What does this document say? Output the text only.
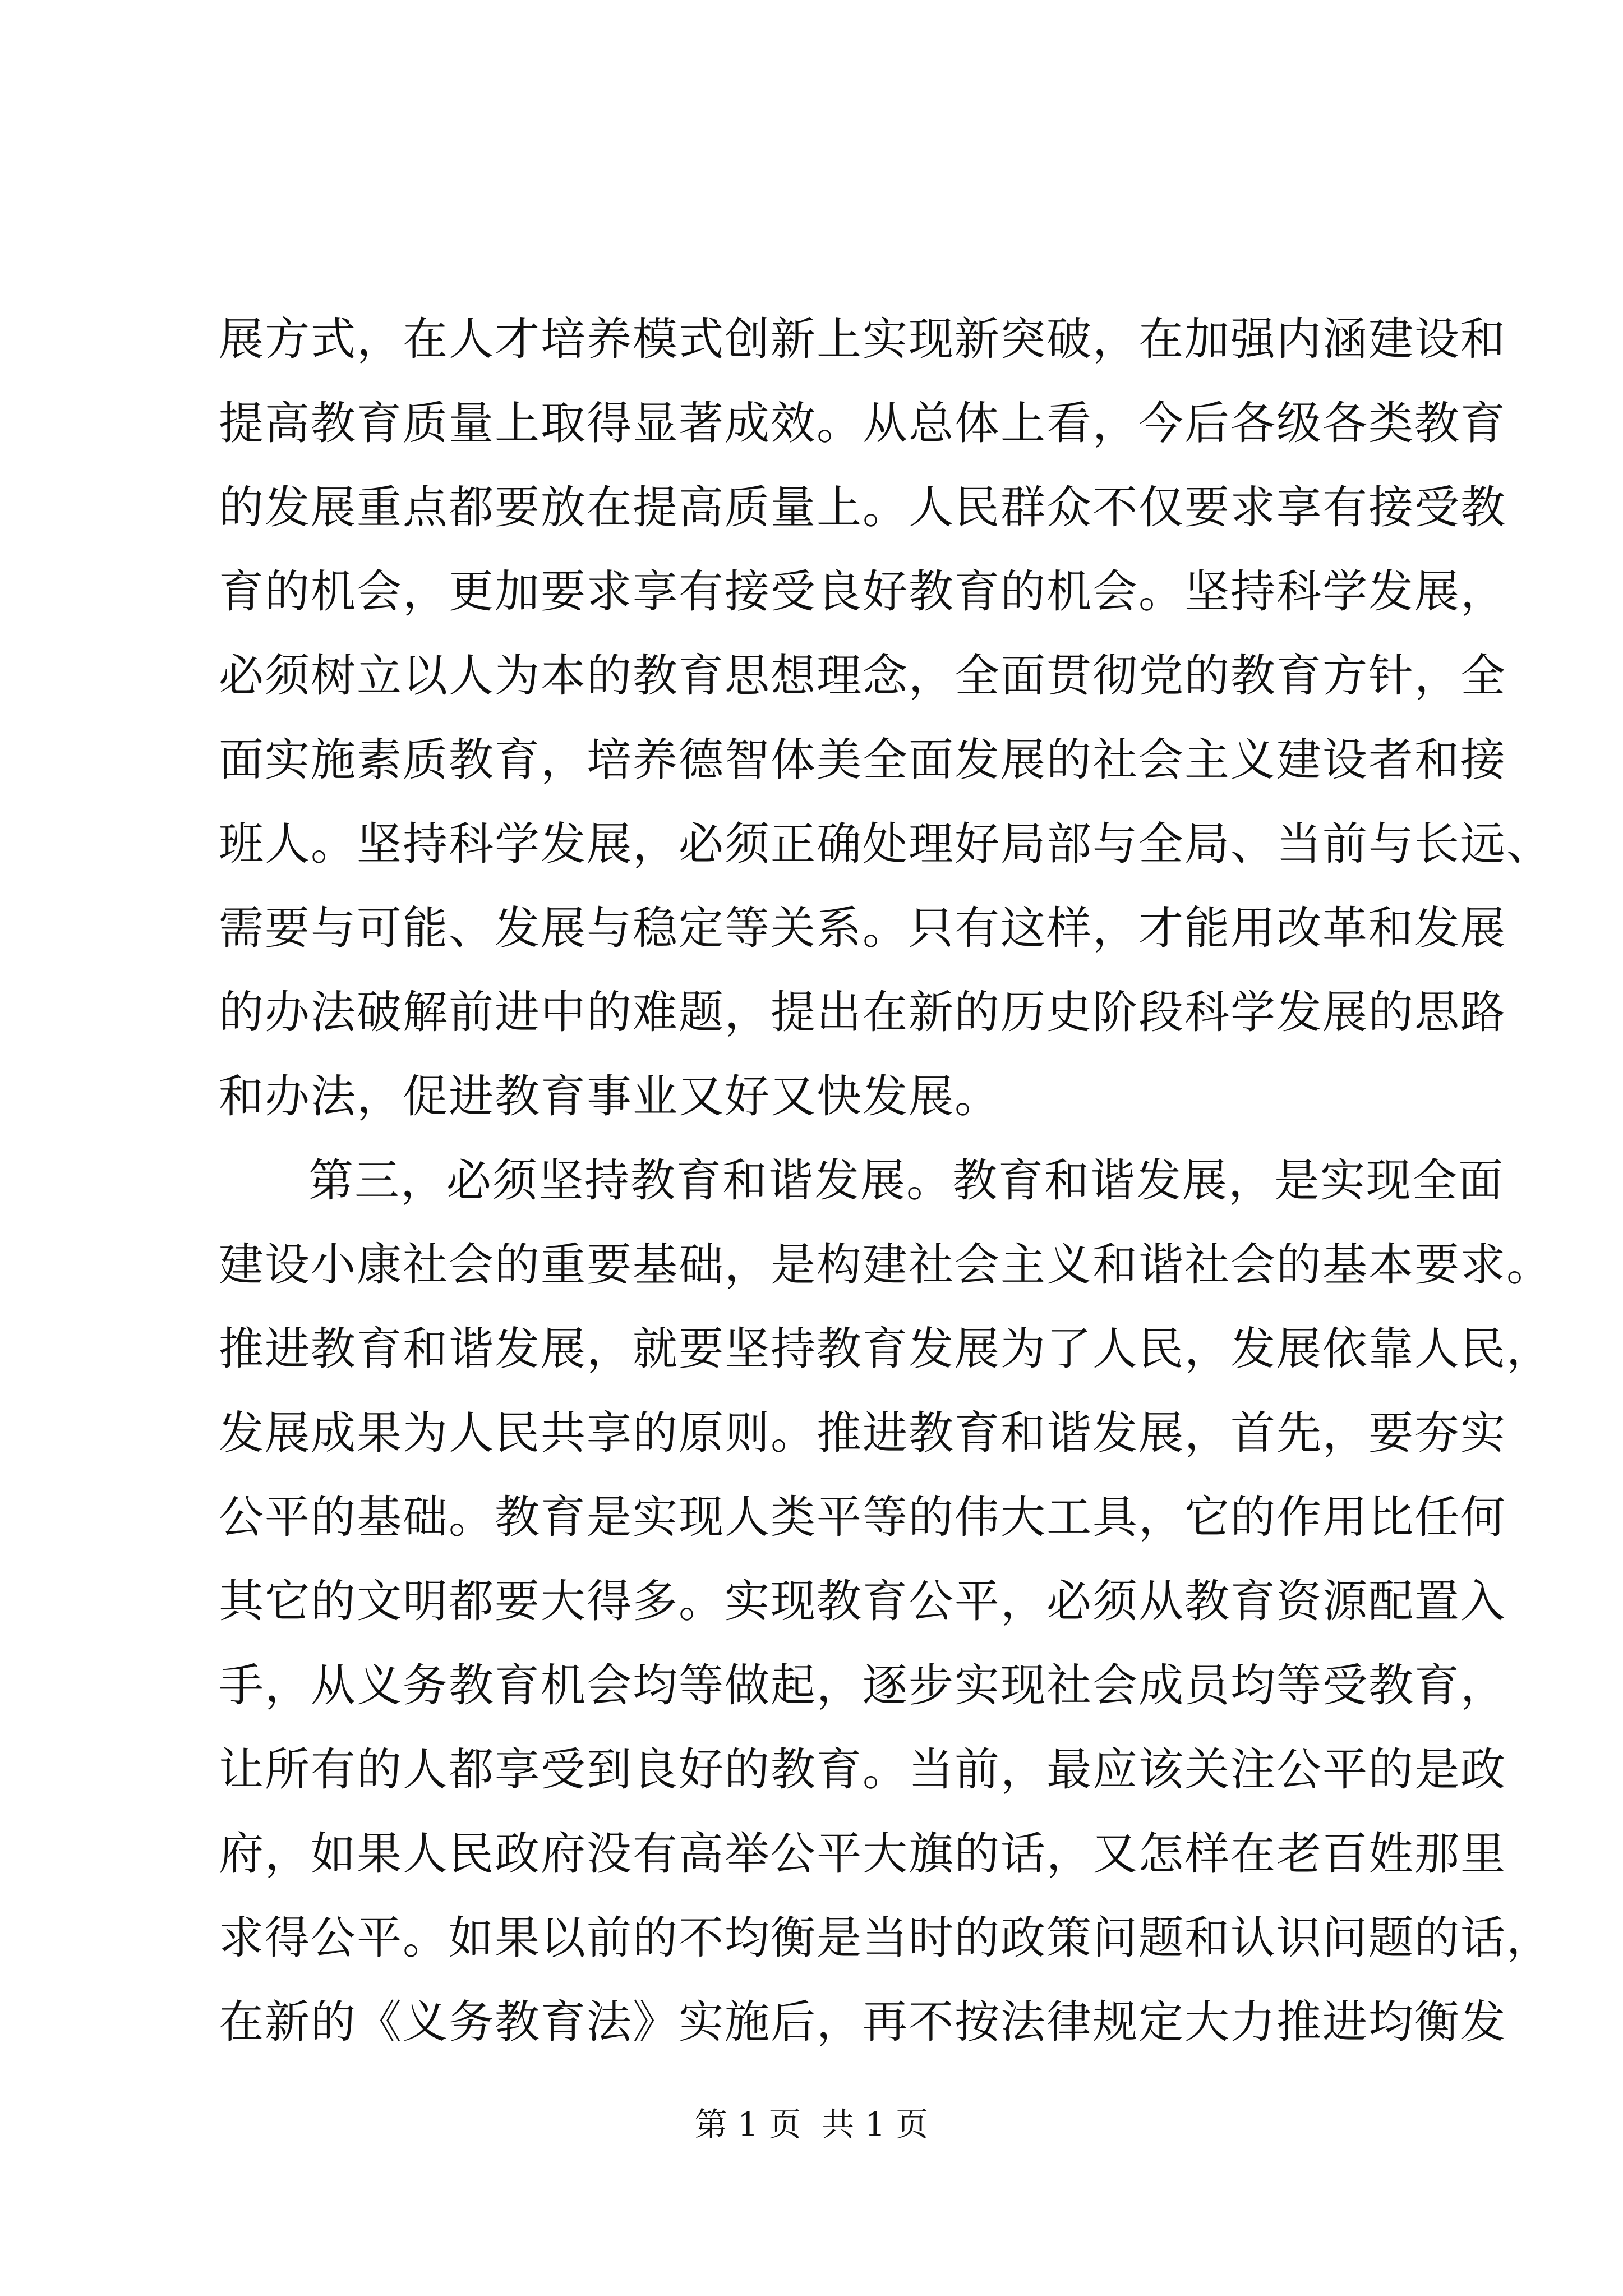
展方式，在人才培养模式创新上实现新突破，在加强内涵建设和
提高教育质量上取得显著成效。从总体上看，今后各级各类教育
的发展重点都要放在提高质量上。人民群众不仅要求享有接受教
育的机会，更加要求享有接受良好教育的机会。坚持科学发展，
必须树立以人为本的教育思想理念，全面贯彻党的教育方针，全
面实施素质教育，培养德智体美全面发展的社会主义建设者和接
班人。坚持科学发展，必须正确处理好局部与全局、当前与长远、
需要与可能、发展与稳定等关系。只有这样，才能用改革和发展
的办法破解前进中的难题，提出在新的历史阶段科学发展的思路
和办法，促进教育事业又好又快发展。
第三，必须坚持教育和谐发展。教育和谐发展，是实现全面
建设小康社会的重要基础，是构建社会主义和谐社会的基本要求。
推进教育和谐发展，就要坚持教育发展为了人民，发展依靠人民，
发展成果为人民共享的原则。推进教育和谐发展，首先，要夯实
公平的基础。教育是实现人类平等的伟大工具，它的作用比任何
其它的文明都要大得多。实现教育公平，必须从教育资源配置入
手，从义务教育机会均等做起，逐步实现社会成员均等受教育，
让所有的人都享受到良好的教育。当前，最应该关注公平的是政
府，如果人民政府没有高举公平大旗的话，又怎样在老百姓那里
求得公平。如果以前的不均衡是当时的政策问题和认识问题的话，
在新的《义务教育法》实施后，再不按法律规定大力推进均衡发
第 1 页  共 1 页
